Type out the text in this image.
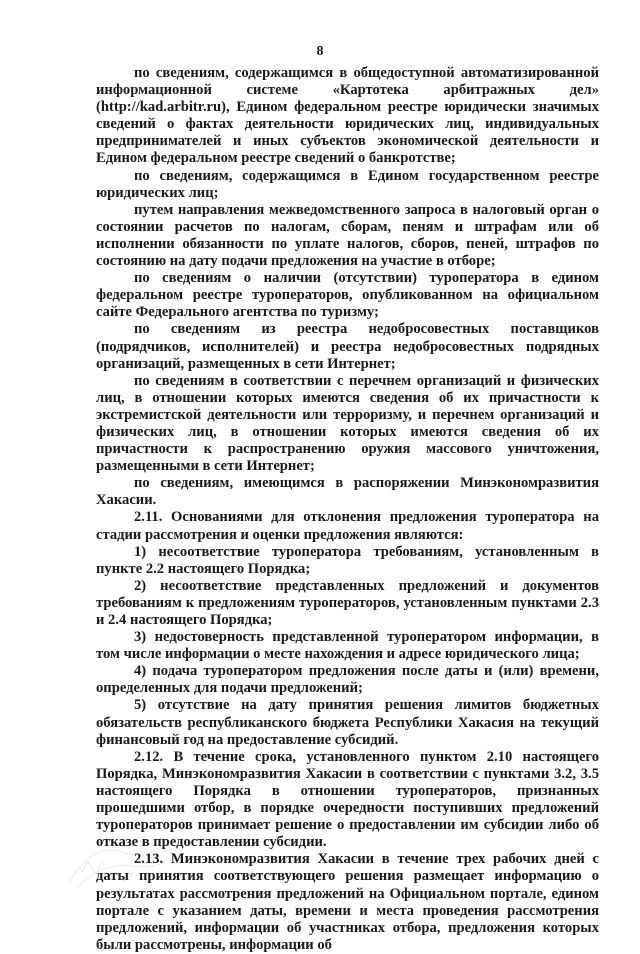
8

по сведениям, содержащимся в общедоступной автоматизированной информационной системе «Картотека арбитражных дел» (http://kad.arbitr.ru), Едином федеральном реестре юридически значимых сведений о фактах деятельности юридических лиц, индивидуальных предпринимателей и иных субъектов экономической деятельности и Едином федеральном реестре сведений о банкротстве;

по сведениям, содержащимся в Едином государственном реестре юридических лиц;

путем направления межведомственного запроса в налоговый орган о состоянии расчетов по налогам, сборам, пеням и штрафам или об исполнении обязанности по уплате налогов, сборов, пеней, штрафов по состоянию на дату подачи предложения на участие в отборе;

по сведениям о наличии (отсутствии) туроператора в едином федеральном реестре туроператоров, опубликованном на официальном сайте Федерального агентства по туризму;

по сведениям из реестра недобросовестных поставщиков (подрядчиков, исполнителей) и реестра недобросовестных подрядных организаций, размещенных в сети Интернет;

по сведениям в соответствии с перечнем организаций и физических лиц, в отношении которых имеются сведения об их причастности к экстремистской деятельности или терроризму, и перечнем организаций и физических лиц, в отношении которых имеются сведения об их причастности к распространению оружия массового уничтожения, размещенными в сети Интернет;

по сведениям, имеющимся в распоряжении Минэкономразвития Хакасии.

2.11. Основаниями для отклонения предложения туроператора на стадии рассмотрения и оценки предложения являются:

1) несоответствие туроператора требованиям, установленным в пункте 2.2 настоящего Порядка;

2) несоответствие представленных предложений и документов требованиям к предложениям туроператоров, установленным пунктами 2.3 и 2.4 настоящего Порядка;

3) недостоверность представленной туроператором информации, в том числе информации о месте нахождения и адресе юридического лица;

4) подача туроператором предложения после даты и (или) времени, определенных для подачи предложений;

5) отсутствие на дату принятия решения лимитов бюджетных обязательств республиканского бюджета Республики Хакасия на текущий финансовый год на предоставление субсидий.

2.12. В течение срока, установленного пунктом 2.10 настоящего Порядка, Минэкономразвития Хакасии в соответствии с пунктами 3.2, 3.5 настоящего Порядка в отношении туроператоров, признанных прошедшими отбор, в порядке очередности поступивших предложений туроператоров принимает решение о предоставлении им субсидии либо об отказе в предоставлении субсидии.

2.13. Минэкономразвития Хакасии в течение трех рабочих дней с даты принятия соответствующего решения размещает информацию о результатах рассмотрения предложений на Официальном портале, едином портале с указанием даты, времени и места проведения рассмотрения предложений, информации об участниках отбора, предложения которых были рассмотрены, информации об
